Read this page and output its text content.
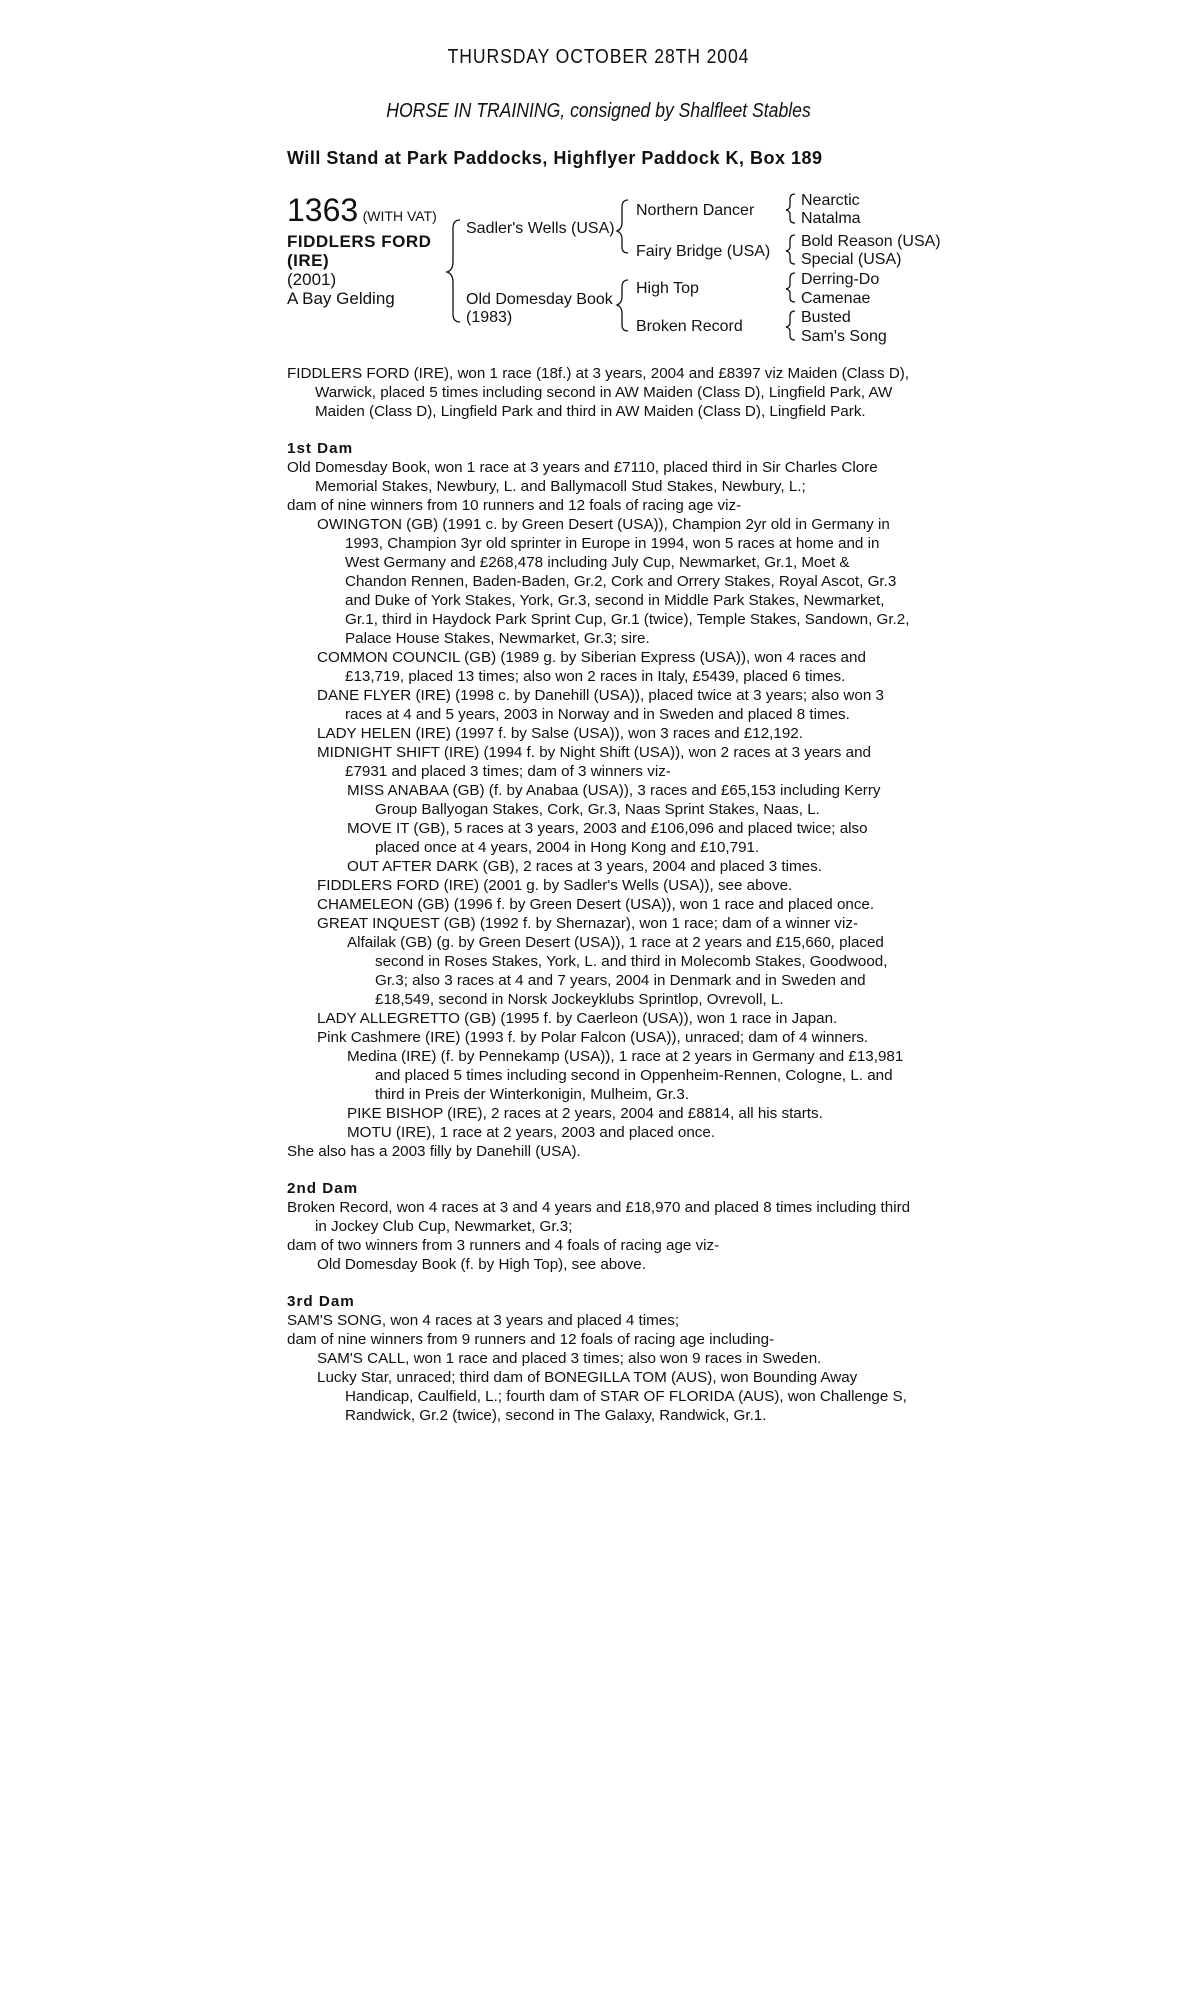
THURSDAY OCTOBER 28TH 2004
HORSE IN TRAINING, consigned by Shalfleet Stables
Will Stand at Park Paddocks, Highflyer Paddock K, Box 189
1363 (WITH VAT)
FIDDLERS FORD
(IRE)
(2001)
A Bay Gelding
Sadler's Wells (USA)
Old Domesday Book
(1983)
Northern Dancer
Fairy Bridge (USA)
High Top
Broken Record
Nearctic
Natalma
Bold Reason (USA)
Special (USA)
Derring-Do
Camenae
Busted
Sam's Song

FIDDLERS FORD (IRE), won 1 race (18f.) at 3 years, 2004 and £8397 viz Maiden (Class D), Warwick, placed 5 times including second in AW Maiden (Class D), Lingfield Park, AW Maiden (Class D), Lingfield Park and third in AW Maiden (Class D), Lingfield Park.

1st Dam

Old Domesday Book, won 1 race at 3 years and £7110, placed third in Sir Charles Clore Memorial Stakes, Newbury, L. and Ballymacoll Stud Stakes, Newbury, L.;

dam of nine winners from 10 runners and 12 foals of racing age viz-

OWINGTON (GB) (1991 c. by Green Desert (USA)), Champion 2yr old in Germany in 1993, Champion 3yr old sprinter in Europe in 1994, won 5 races at home and in West Germany and £268,478 including July Cup, Newmarket, Gr.1, Moet & Chandon Rennen, Baden-Baden, Gr.2, Cork and Orrery Stakes, Royal Ascot, Gr.3 and Duke of York Stakes, York, Gr.3, second in Middle Park Stakes, Newmarket, Gr.1, third in Haydock Park Sprint Cup, Gr.1 (twice), Temple Stakes, Sandown, Gr.2, Palace House Stakes, Newmarket, Gr.3; sire.

COMMON COUNCIL (GB) (1989 g. by Siberian Express (USA)), won 4 races and £13,719, placed 13 times; also won 2 races in Italy, £5439, placed 6 times.

DANE FLYER (IRE) (1998 c. by Danehill (USA)), placed twice at 3 years; also won 3 races at 4 and 5 years, 2003 in Norway and in Sweden and placed 8 times.

LADY HELEN (IRE) (1997 f. by Salse (USA)), won 3 races and £12,192.

MIDNIGHT SHIFT (IRE) (1994 f. by Night Shift (USA)), won 2 races at 3 years and £7931 and placed 3 times; dam of 3 winners viz-

MISS ANABAA (GB) (f. by Anabaa (USA)), 3 races and £65,153 including Kerry Group Ballyogan Stakes, Cork, Gr.3, Naas Sprint Stakes, Naas, L.

MOVE IT (GB), 5 races at 3 years, 2003 and £106,096 and placed twice; also placed once at 4 years, 2004 in Hong Kong and £10,791.

OUT AFTER DARK (GB), 2 races at 3 years, 2004 and placed 3 times.

FIDDLERS FORD (IRE) (2001 g. by Sadler's Wells (USA)), see above.

CHAMELEON (GB) (1996 f. by Green Desert (USA)), won 1 race and placed once.

GREAT INQUEST (GB) (1992 f. by Shernazar), won 1 race; dam of a winner viz-

Alfailak (GB) (g. by Green Desert (USA)), 1 race at 2 years and £15,660, placed second in Roses Stakes, York, L. and third in Molecomb Stakes, Goodwood, Gr.3; also 3 races at 4 and 7 years, 2004 in Denmark and in Sweden and £18,549, second in Norsk Jockeyklubs Sprintlop, Ovrevoll, L.

LADY ALLEGRETTO (GB) (1995 f. by Caerleon (USA)), won 1 race in Japan.

Pink Cashmere (IRE) (1993 f. by Polar Falcon (USA)), unraced; dam of 4 winners.

Medina (IRE) (f. by Pennekamp (USA)), 1 race at 2 years in Germany and £13,981 and placed 5 times including second in Oppenheim-Rennen, Cologne, L. and third in Preis der Winterkonigin, Mulheim, Gr.3.

PIKE BISHOP (IRE), 2 races at 2 years, 2004 and £8814, all his starts.

MOTU (IRE), 1 race at 2 years, 2003 and placed once.

She also has a 2003 filly by Danehill (USA).

2nd Dam

Broken Record, won 4 races at 3 and 4 years and £18,970 and placed 8 times including third in Jockey Club Cup, Newmarket, Gr.3;

dam of two winners from 3 runners and 4 foals of racing age viz-

Old Domesday Book (f. by High Top), see above.

3rd Dam

SAM'S SONG, won 4 races at 3 years and placed 4 times;

dam of nine winners from 9 runners and 12 foals of racing age including-

SAM'S CALL, won 1 race and placed 3 times; also won 9 races in Sweden.

Lucky Star, unraced; third dam of BONEGILLA TOM (AUS), won Bounding Away Handicap, Caulfield, L.; fourth dam of STAR OF FLORIDA (AUS), won Challenge S, Randwick, Gr.2 (twice), second in The Galaxy, Randwick, Gr.1.
